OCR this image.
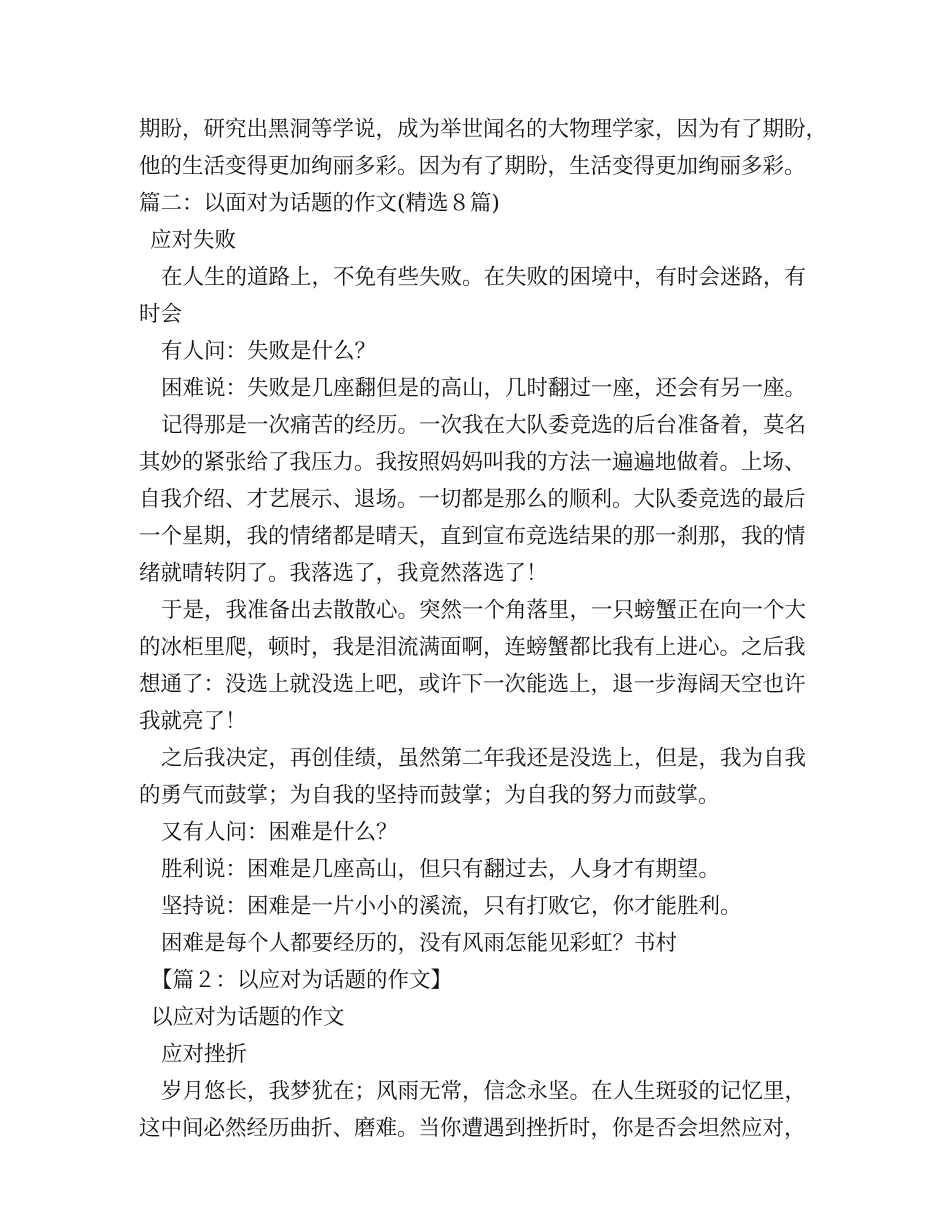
期盼，研究出黑洞等学说，成为举世闻名的大物理学家，因为有了期盼，
他的生活变得更加绚丽多彩。因为有了期盼，生活变得更加绚丽多彩。
篇二：以面对为话题的作文(精选８篇)
应对失败
在人生的道路上，不免有些失败。在失败的困境中，有时会迷路，有
时会
有人问：失败是什么？
困难说：失败是几座翻但是的高山，几时翻过一座，还会有另一座。
记得那是一次痛苦的经历。一次我在大队委竞选的后台准备着，莫名
其妙的紧张给了我压力。我按照妈妈叫我的方法一遍遍地做着。上场、
自我介绍、才艺展示、退场。一切都是那么的顺利。大队委竞选的最后
一个星期，我的情绪都是晴天，直到宣布竞选结果的那一刹那，我的情
绪就晴转阴了。我落选了，我竟然落选了！
于是，我准备出去散散心。突然一个角落里，一只螃蟹正在向一个大
的冰柜里爬，顿时，我是泪流满面啊，连螃蟹都比我有上进心。之后我
想通了：没选上就没选上吧，或许下一次能选上，退一步海阔天空也许
我就亮了！
之后我决定，再创佳绩，虽然第二年我还是没选上，但是，我为自我
的勇气而鼓掌；为自我的坚持而鼓掌；为自我的努力而鼓掌。
又有人问：困难是什么？
胜利说：困难是几座高山，但只有翻过去，人身才有期望。
坚持说：困难是一片小小的溪流，只有打败它，你才能胜利。
困难是每个人都要经历的，没有风雨怎能见彩虹？书村
【篇２：以应对为话题的作文】
以应对为话题的作文
应对挫折
岁月悠长，我梦犹在；风雨无常，信念永坚。在人生斑驳的记忆里，
这中间必然经历曲折、磨难。当你遭遇到挫折时，你是否会坦然应对，
